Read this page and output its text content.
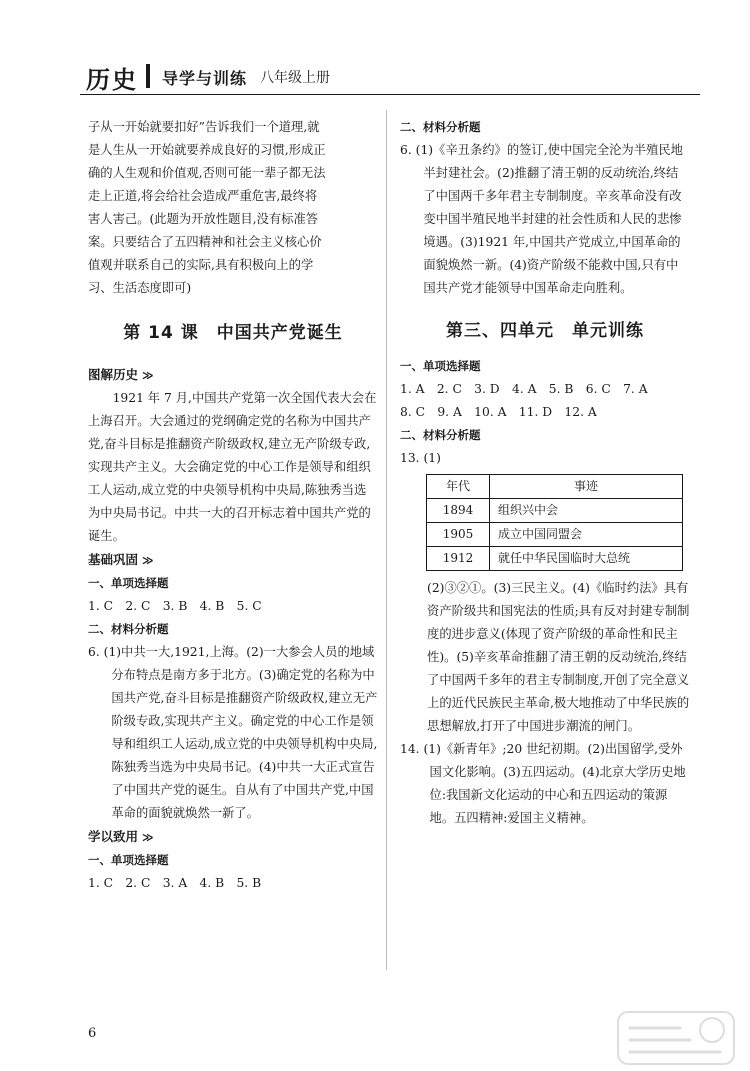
历史 导学与训练 八年级上册
子从一开始就要扣好”告诉我们一个道理,就
是人生从一开始就要养成良好的习惯,形成正
确的人生观和价值观,否则可能一辈子都无法
走上正道,将会给社会造成严重危害,最终将
害人害己。(此题为开放性题目,没有标准答
案。只要结合了五四精神和社会主义核心价
值观并联系自己的实际,具有积极向上的学
习、生活态度即可)
第 14 课　中国共产党诞生
图解历史 ≫

1921 年 7 月,中国共产党第一次全国代表大会在上海召开。大会通过的党纲确定党的名称为中国共产党,奋斗目标是推翻资产阶级政权,建立无产阶级专政,实现共产主义。大会确定党的中心工作是领导和组织工人运动,成立党的中央领导机构中央局,陈独秀当选为中央局书记。中共一大的召开标志着中国共产党的诞生。

基础巩固 ≫
一、单项选择题
1. C　2. C　3. B　4. B　5. C
二、材料分析题

6. (1)中共一大,1921,上海。(2)一大参会人员的地域分布特点是南方多于北方。(3)确定党的名称为中国共产党,奋斗目标是推翻资产阶级政权,建立无产阶级专政,实现共产主义。确定党的中心工作是领导和组织工人运动,成立党的中央领导机构中央局,陈独秀当选为中央局书记。(4)中共一大正式宣告了中国共产党的诞生。自从有了中国共产党,中国革命的面貌就焕然一新了。

学以致用 ≫
一、单项选择题
1. C　2. C　3. A　4. B　5. B
二、材料分析题

6. (1)《辛丑条约》的签订,使中国完全沦为半殖民地半封建社会。(2)推翻了清王朝的反动统治,终结了中国两千多年君主专制制度。辛亥革命没有改变中国半殖民地半封建的社会性质和人民的悲惨境遇。(3)1921 年,中国共产党成立,中国革命的面貌焕然一新。(4)资产阶级不能救中国,只有中国共产党才能领导中国革命走向胜利。

第三、四单元　单元训练
一、单项选择题
1. A　2. C　3. D　4. A　5. B　6. C　7. A
8. C　9. A　10. A　11. D　12. A
二、材料分析题
13. (1)
年代	事迹
1894	组织兴中会
1905	成立中国同盟会
1912	就任中华民国临时大总统

(2)③②①。(3)三民主义。(4)《临时约法》具有资产阶级共和国宪法的性质;具有反对封建专制制度的进步意义(体现了资产阶级的革命性和民主性)。(5)辛亥革命推翻了清王朝的反动统治,终结了中国两千多年的君主专制制度,开创了完全意义上的近代民族民主革命,极大地推动了中华民族的思想解放,打开了中国进步潮流的闸门。

14. (1)《新青年》;20 世纪初期。(2)出国留学,受外国文化影响。(3)五四运动。(4)北京大学历史地位:我国新文化运动的中心和五四运动的策源地。五四精神:爱国主义精神。

6
